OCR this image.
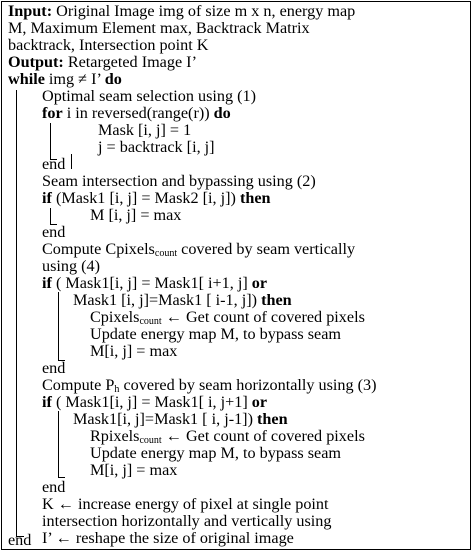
Input: Original Image img of size m x n, energy map
M, Maximum Element max, Backtrack Matrix
backtrack, Intersection point K
Output: Retargeted Image I’
while img ≠ I’ do
Optimal seam selection using (1)
for i in reversed(range(r)) do
Mask [i, j] = 1
j = backtrack [i, j]
end
Seam intersection and bypassing using (2)
if (Mask1 [i, j] = Mask2 [i, j]) then
M [i, j] = max
end
Compute Cpixels$_{count}$ covered by seam vertically
using (4)
if ( Mask1[i, j] = Mask1[ i+1, j] or
Mask1 [i, j]=Mask1 [ i-1, j]) then
Cpixels$_{count}$ ← Get count of covered pixels
Update energy map M, to bypass seam
M[i, j] = max
end
Compute $P_h$ covered by seam horizontally using (3)
if ( Mask1[i, j] = Mask1[ i, j+1] or
Mask1[i, j]=Mask1 [ i, j-1]) then
Rpixels$_{count}$ ← Get count of covered pixels
Update energy map M, to bypass seam
M[i, j] = max
end
K ← increase energy of pixel at single point
intersection horizontally and vertically using
I’ ← reshape the size of original image
end
